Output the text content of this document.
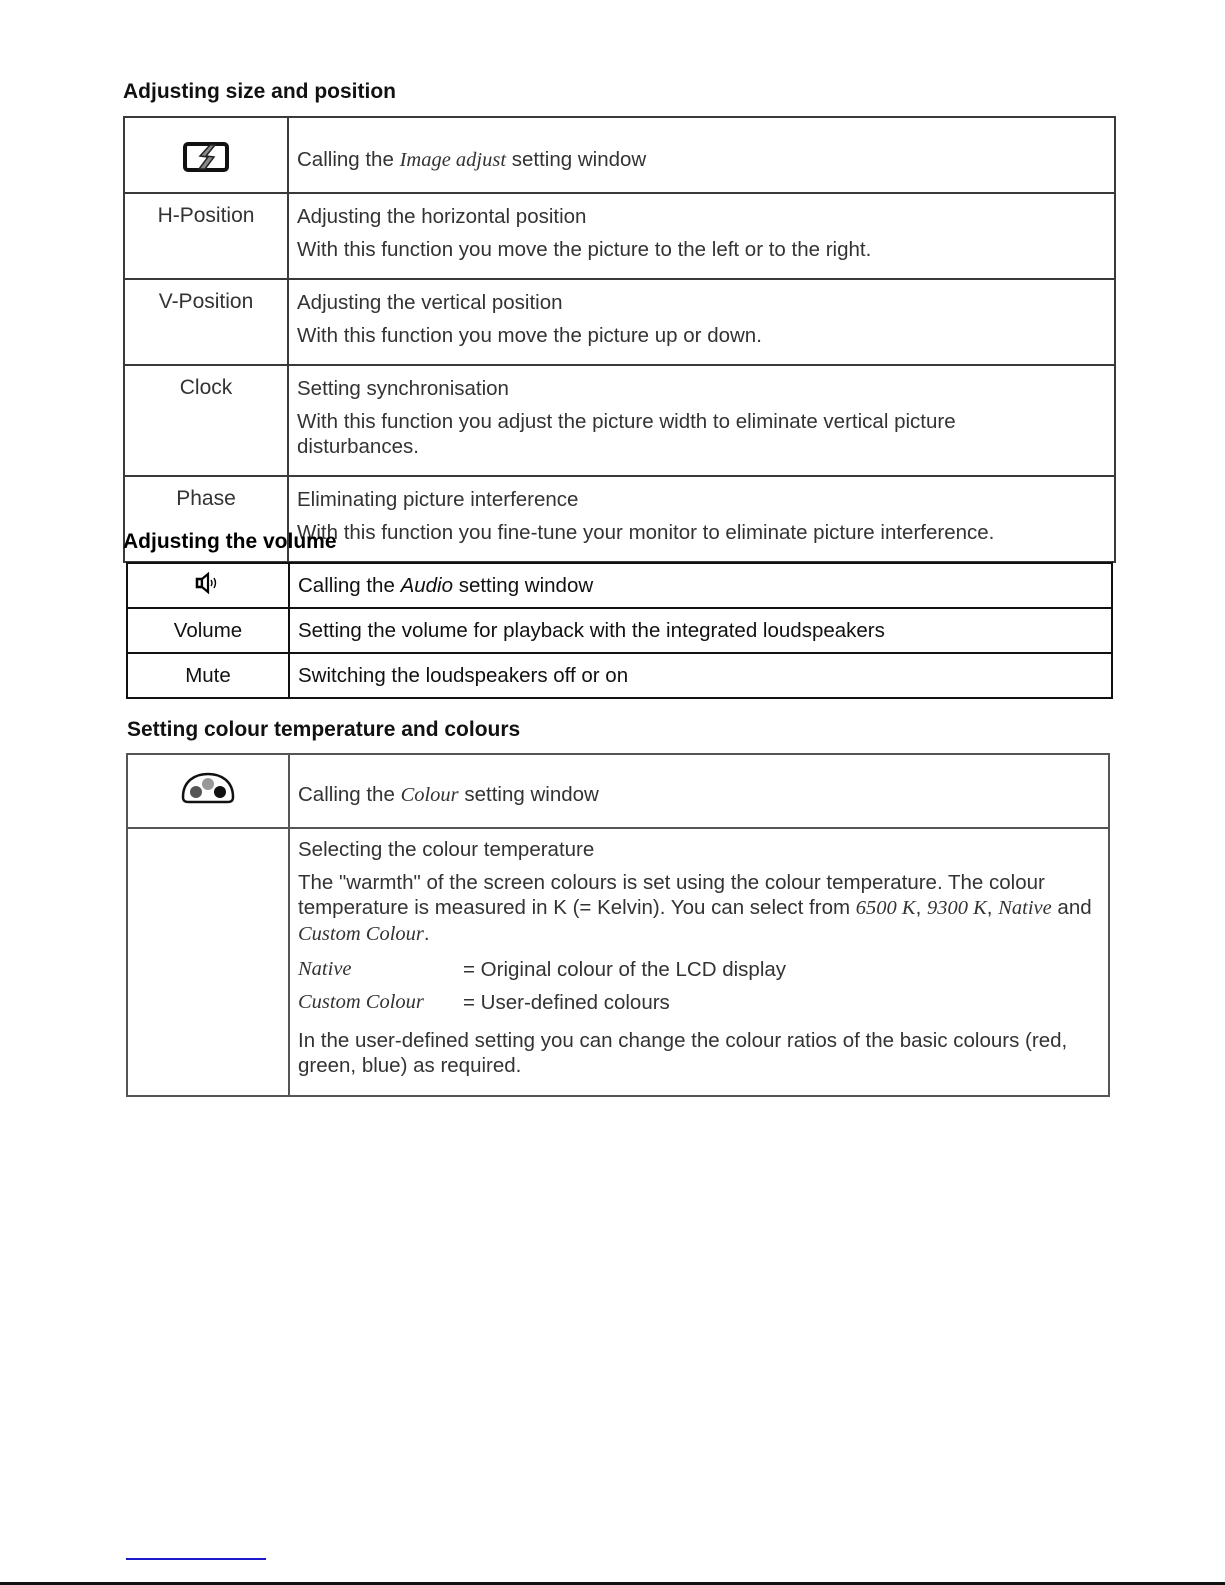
Adjusting size and position

Calling the Image adjust setting window

H-Position	Adjusting the horizontal position
With this function you move the picture to the left or to the right.

V-Position	Adjusting the vertical position
With this function you move the picture up or down.

Clock	Setting synchronisation
With this function you adjust the picture width to eliminate vertical picture disturbances.

Phase	Eliminating picture interference
With this function you fine-tune your monitor to eliminate picture interference.
Adjusting the volume
	Calling the Audio setting window
Volume	Setting the volume for playback with the integrated loudspeakers
Mute	Switching the loudspeakers off or on
Setting colour temperature and colours
	Calling the Colour setting window

Selecting the colour temperature
The "warmth" of the screen colours is set using the colour temperature. The colour temperature is measured in K (= Kelvin). You can select from 6500 K, 9300 K, Native and Custom Colour.
Native	= Original colour of the LCD display
Custom Colour	= User-defined colours
In the user-defined setting you can change the colour ratios of the basic colours (red, green, blue) as required.
